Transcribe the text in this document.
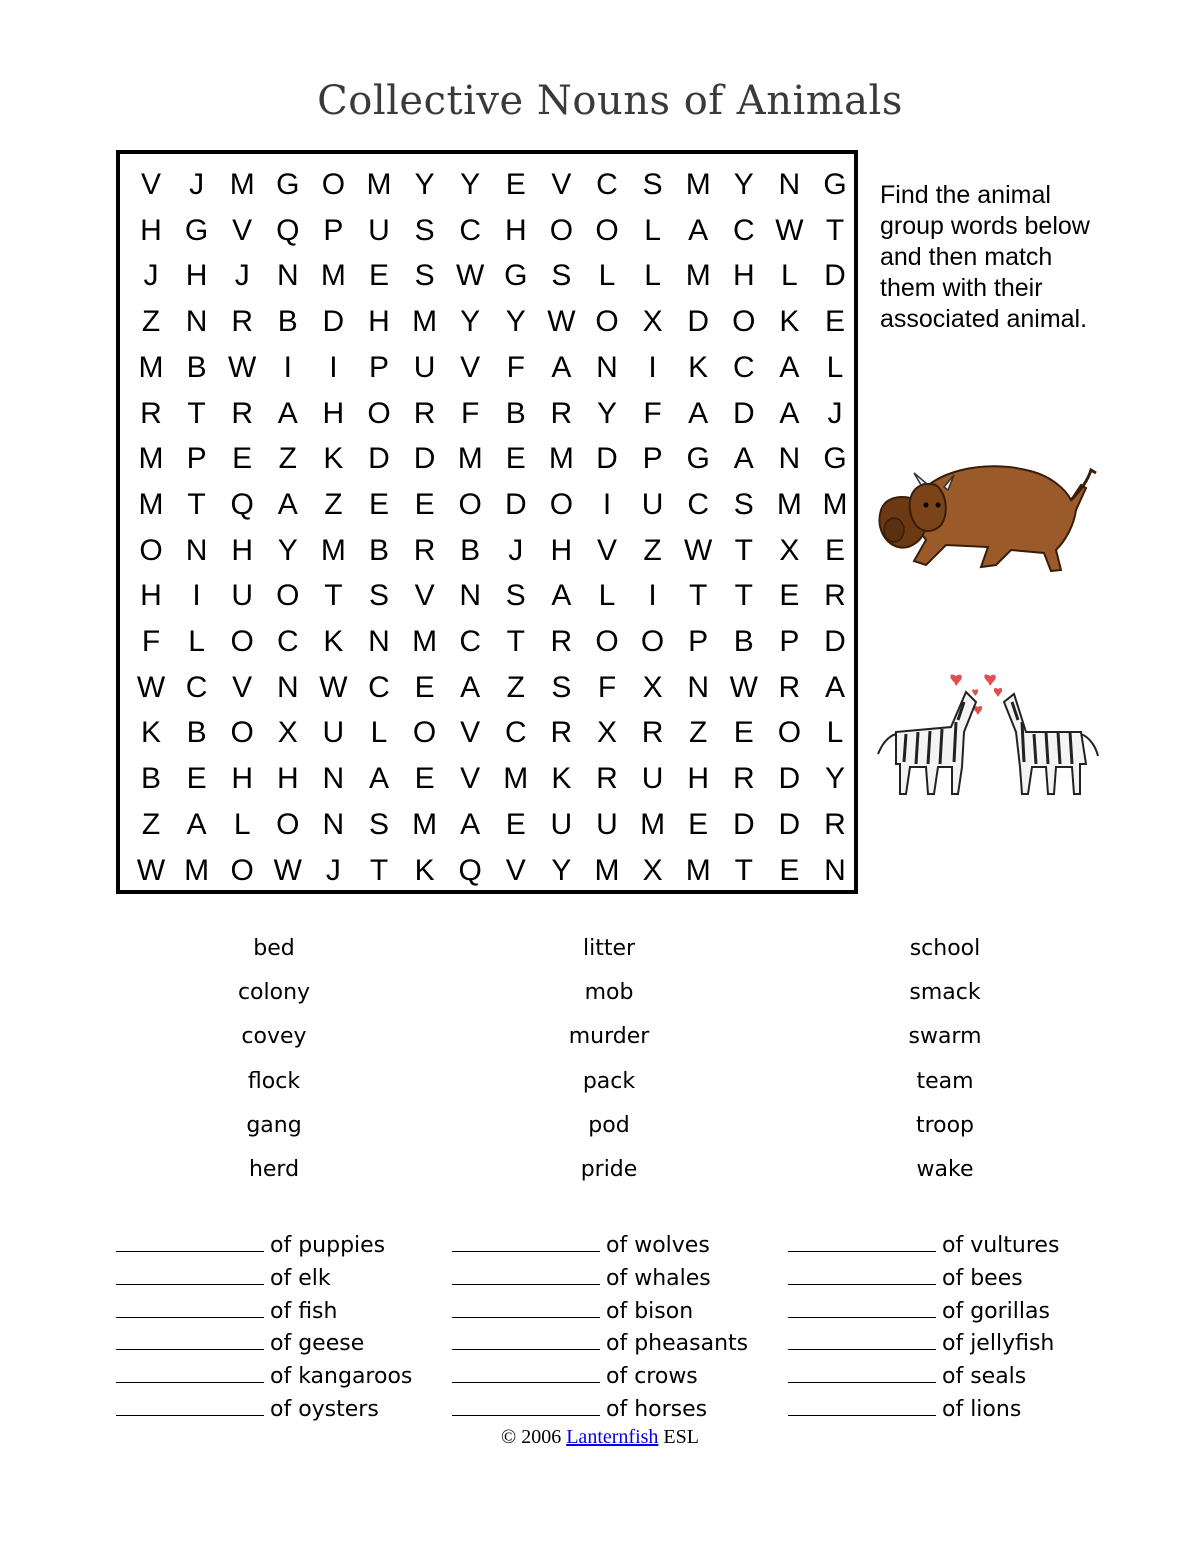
Collective Nouns of Animals
V J M G O M Y Y E V C S M Y N G
H G V Q P U S C H O O L A C W T
J H J N M E S W G S L L M H L D
Z N R B D H M Y Y W O X D O K E
M B W I	I	P U V F A N	I	K C A L
R T R A H O R F B R Y F A D A J
M P E Z K D D M E M D P G A N G
M T Q A Z E E O D O I	U C S M M
O N H Y M B R B J H V Z W T X E
H	I	U O T S V N S A L	I	T T E R
F L O C K N M C T R O O P B P D
W C V N W C E A Z S F X N W R A
K B O X U L O V C R X R Z E O L
B E H H N A E V M K R U H R D Y
Z A L O N S M A E U U M E D D R
W M O W J T K Q V Y M X M T E N
Find the animal group words below and then match them with their associated animal.
bed
colony
covey
flock
gang
herd
litter
mob
murder
pack
pod
pride
school
smack
swarm
team
troop
wake
of puppies
of elk
of fish
of geese
of kangaroos
of oysters
of wolves
of whales
of bison
of pheasants
of crows
of horses
of vultures
of bees
of gorillas
of jellyfish
of seals
of lions
© 2006 Lanternfish ESL
